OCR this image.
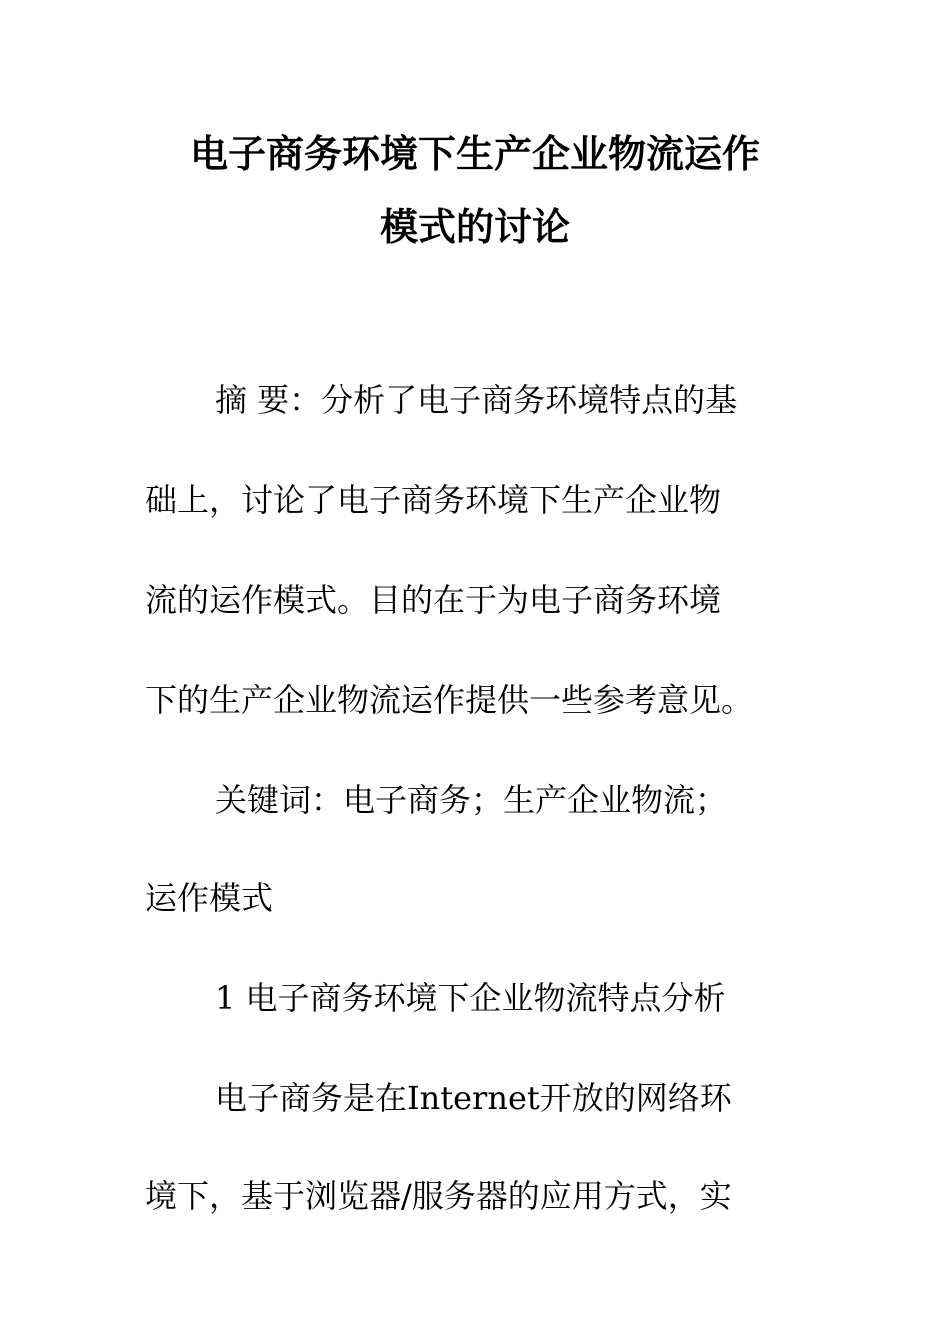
电子商务环境下生产企业物流运作
模式的讨论
摘 要：分析了电子商务环境特点的基
础上，讨论了电子商务环境下生产企业物
流的运作模式。目的在于为电子商务环境
下的生产企业物流运作提供一些参考意见。
关键词：电子商务；生产企业物流；
运作模式
1 电子商务环境下企业物流特点分析
电子商务是在Internet开放的网络环
境下，基于浏览器/服务器的应用方式，实
